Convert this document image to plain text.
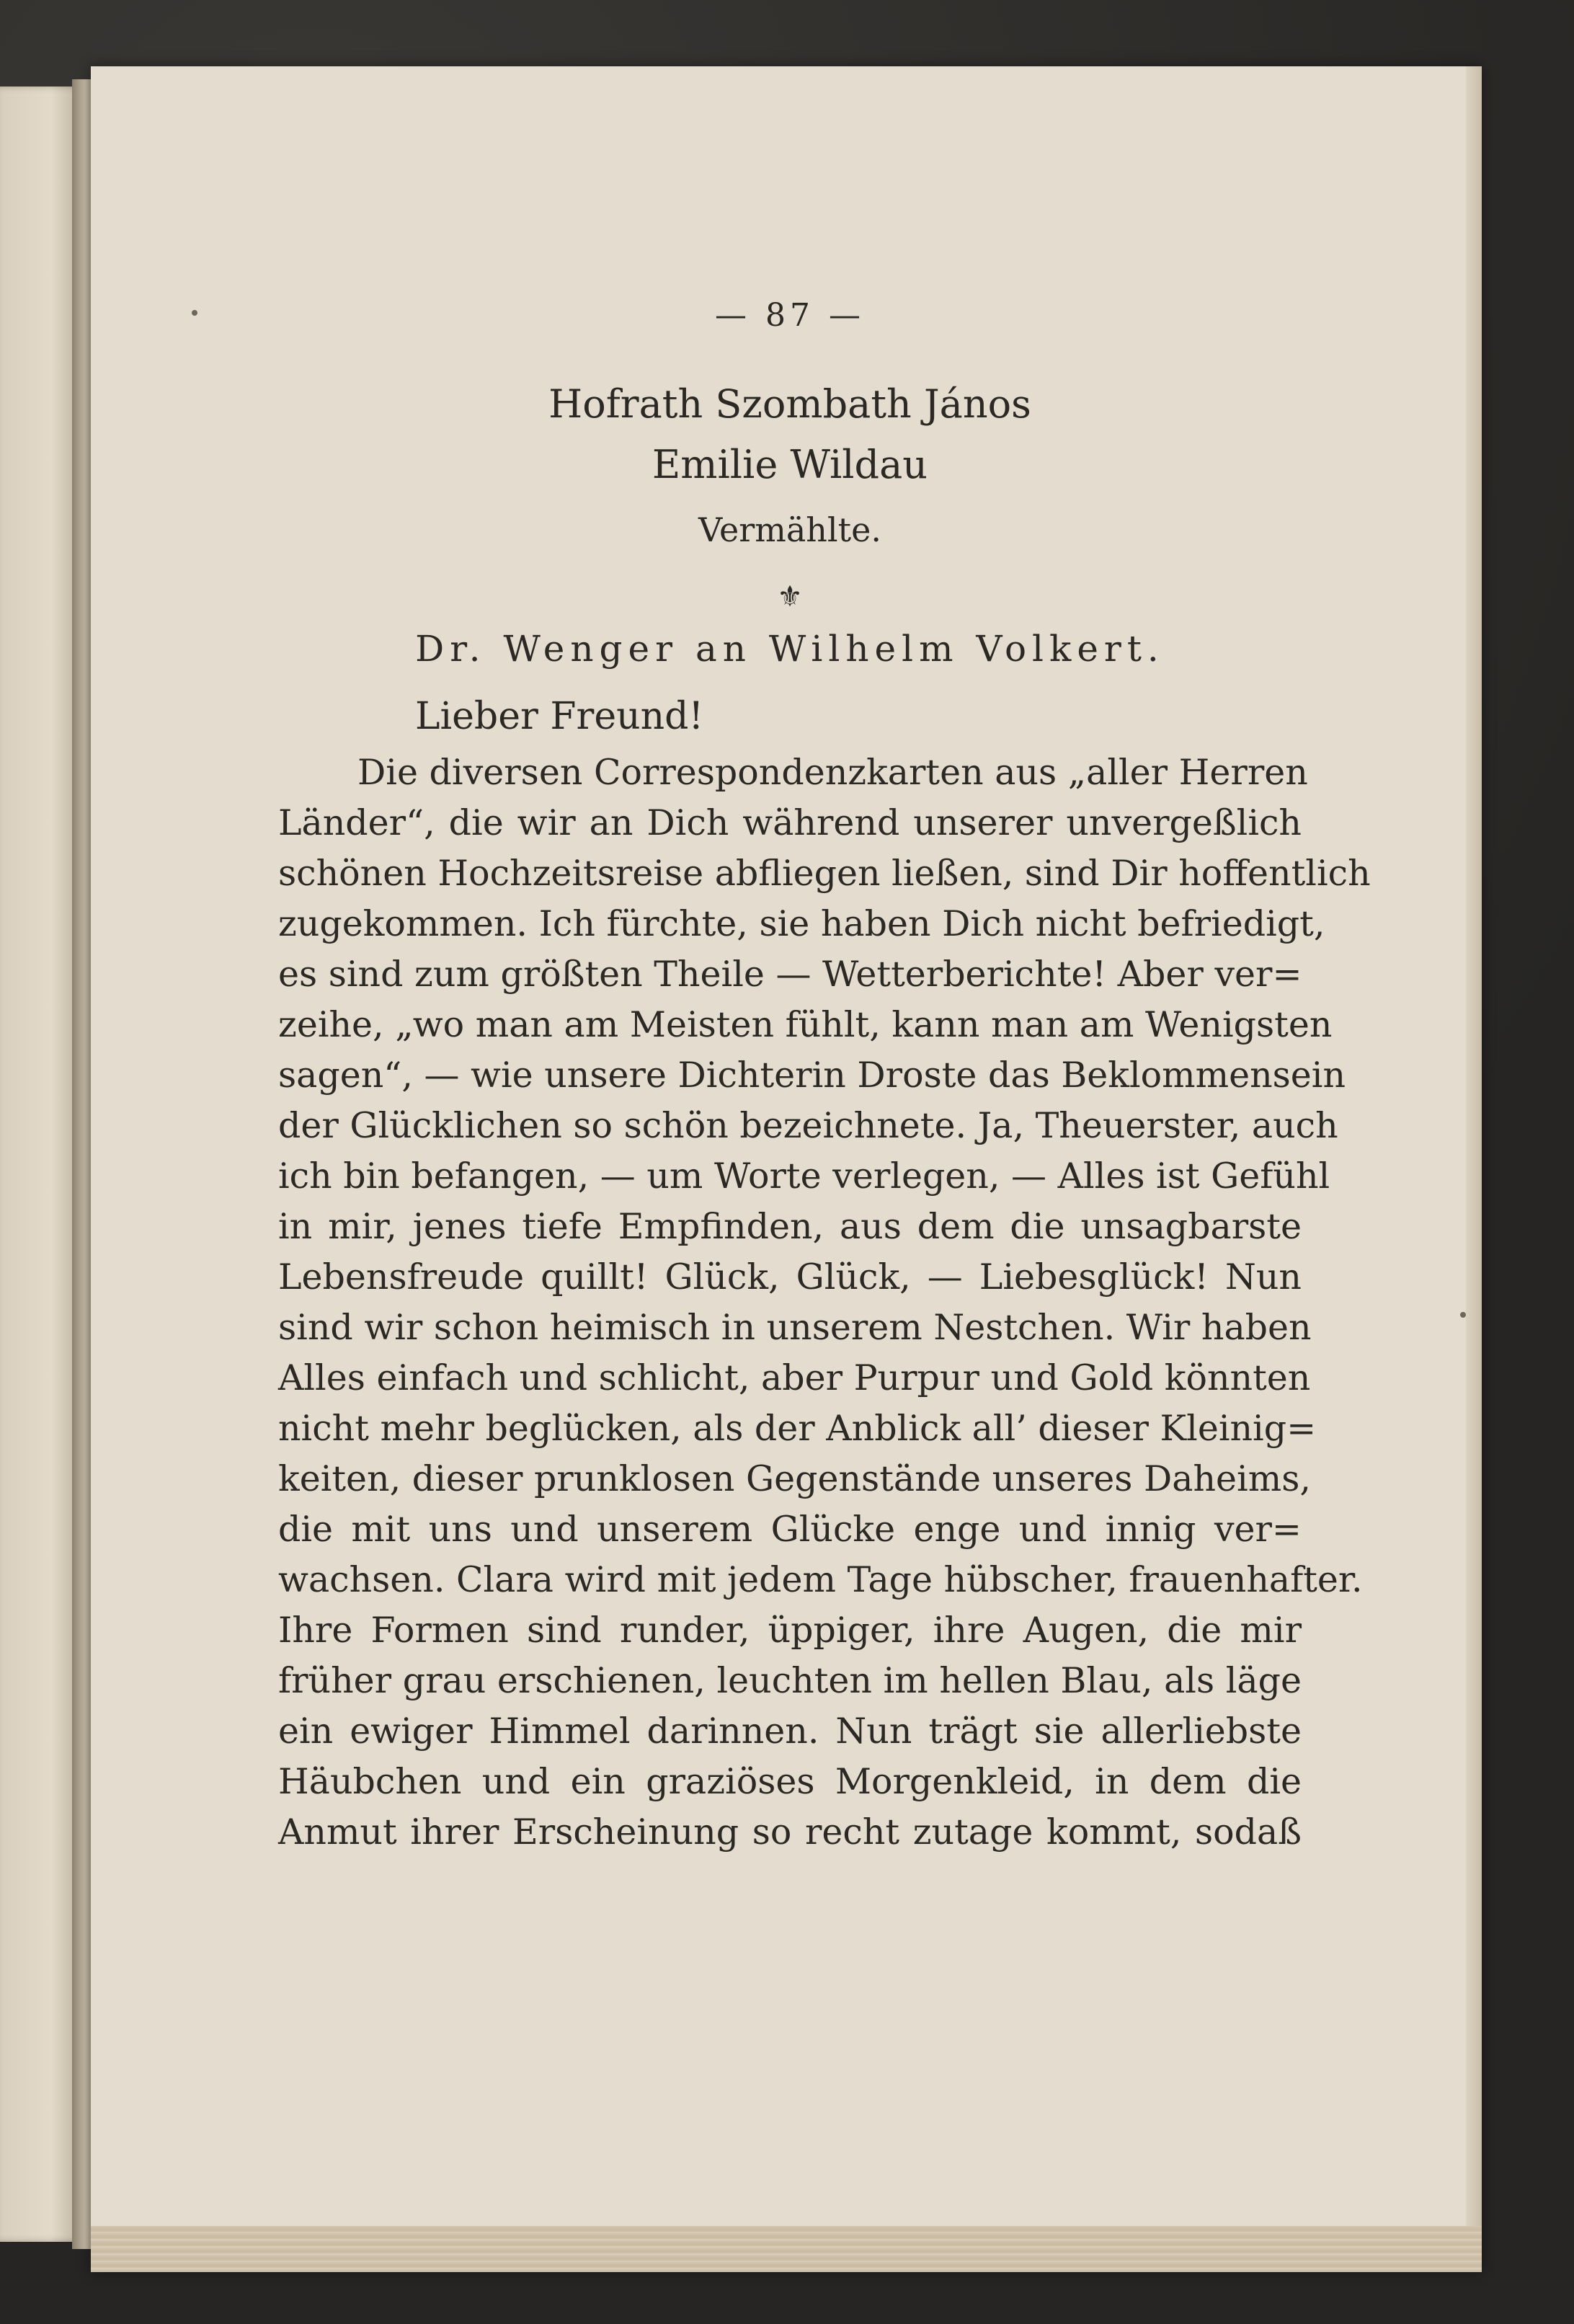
— 87 —
Hofrath Szombath János
Emilie Wildau
Vermählte.
⚜
Dr. Wenger an Wilhelm Volkert.
Lieber Freund!
Die diversen Correspondenzkarten aus „aller Herren
Länder“, die wir an Dich während unserer unvergeßlich
schönen Hochzeitsreise abfliegen ließen, sind Dir hoffentlich
zugekommen. Ich fürchte, sie haben Dich nicht befriedigt,
es sind zum größten Theile — Wetterberichte! Aber ver=
zeihe, „wo man am Meisten fühlt, kann man am Wenigsten
sagen“, — wie unsere Dichterin Droste das Beklommensein
der Glücklichen so schön bezeichnete. Ja, Theuerster, auch
ich bin befangen, — um Worte verlegen, — Alles ist Gefühl
in mir, jenes tiefe Empfinden, aus dem die unsagbarste
Lebensfreude quillt! Glück, Glück, — Liebesglück! Nun
sind wir schon heimisch in unserem Nestchen. Wir haben
Alles einfach und schlicht, aber Purpur und Gold könnten
nicht mehr beglücken, als der Anblick all’ dieser Kleinig=
keiten, dieser prunklosen Gegenstände unseres Daheims,
die mit uns und unserem Glücke enge und innig ver=
wachsen. Clara wird mit jedem Tage hübscher, frauenhafter.
Ihre Formen sind runder, üppiger, ihre Augen, die mir
früher grau erschienen, leuchten im hellen Blau, als läge
ein ewiger Himmel darinnen. Nun trägt sie allerliebste
Häubchen und ein graziöses Morgenkleid, in dem die
Anmut ihrer Erscheinung so recht zutage kommt, sodaß
